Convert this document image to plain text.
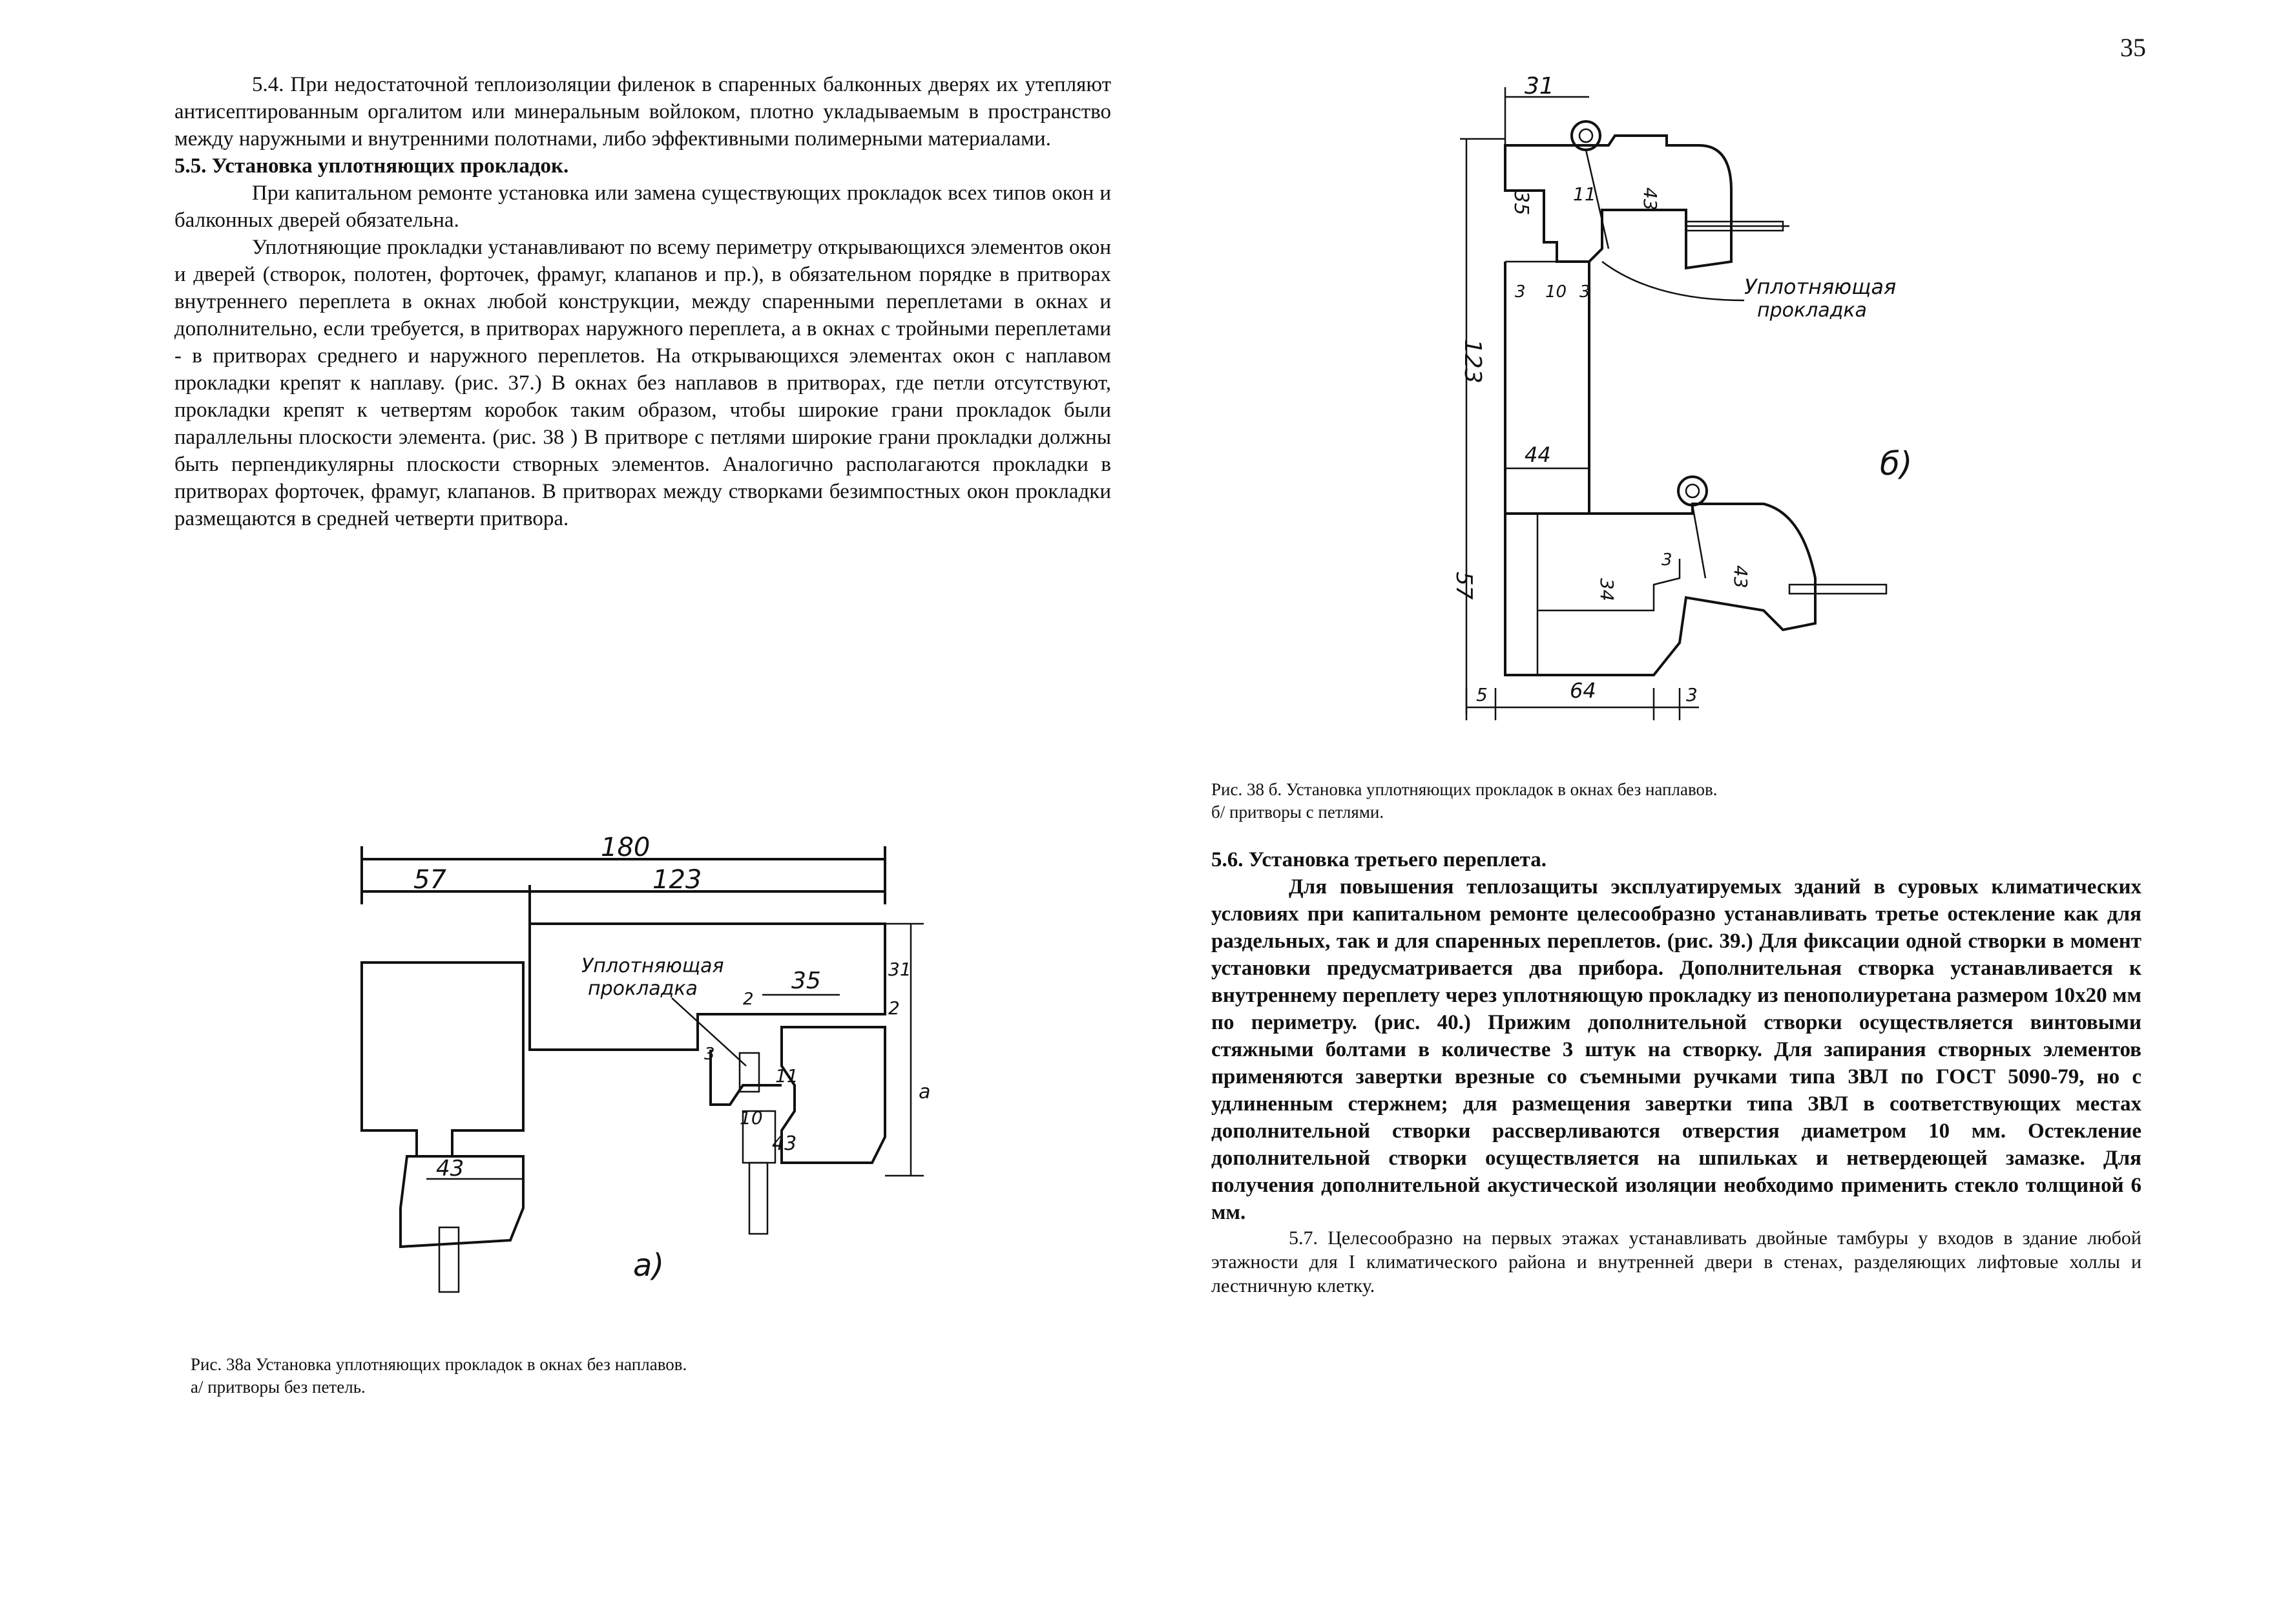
35

5.4. При недостаточной теплоизоляции филенок в спаренных балконных дверях их утепляют антисептированным оргалитом или минеральным войлоком, плотно укладываемым в пространство между наружными и внутренними полотнами, либо эффективными полимерными материалами.

5.5. Установка уплотняющих прокладок.

При капитальном ремонте установка или замена существующих прокладок всех типов окон и балконных дверей обязательна.

Уплотняющие прокладки устанавливают по всему периметру открывающихся элементов окон и дверей (створок, полотен, форточек, фрамуг, клапанов и пр.), в обязательном порядке в притворах внутреннего переплета в окнах любой конструкции, между спаренными переплетами в окнах и дополнительно, если требуется, в притворах наружного переплета, а в окнах с тройными переплетами - в притворах среднего и наружного переплетов. На открывающихся элементах окон с наплавом прокладки крепят к наплаву. (рис. 37.) В окнах без наплавов в притворах, где петли отсутствуют, прокладки крепят к четвертям коробок таким образом, чтобы широкие грани прокладок были параллельны плоскости элемента. (рис. 38 ) В притворе с петлями широкие грани прокладки должны быть перпендикулярны плоскости створных элементов. Аналогично располагаются прокладки в притворах форточек, фрамуг, клапанов. В притворах между створками безимпостных окон прокладки размещаются в средней четверти притвора.

180
57	123
43
31
2
a
35
11
10
43
3
Уплотняющая
прокладка	2
а)
Рис. 38а Установка уплотняющих прокладок в окнах без наплавов.
а/ притворы без петель.
31
123
35	43
11
44
3 10 3	Уплотняющая
прокладка
б)
34
43
3
57
5	64	3
Рис. 38 б. Установка уплотняющих прокладок в окнах без наплавов.
б/ притворы с петлями.

5.6. Установка третьего переплета.

Для повышения теплозащиты эксплуатируемых зданий в суровых климатических условиях при капитальном ремонте целесообразно устанавливать третье остекление как для раздельных, так и для спаренных переплетов. (рис. 39.) Для фиксации одной створки в момент установки предусматривается два прибора. Дополнительная створка устанавливается к внутреннему переплету через уплотняющую прокладку из пенополиуретана размером 10х20 мм по периметру. (рис. 40.) Прижим дополнительной створки осуществляется винтовыми стяжными болтами в количестве 3 штук на створку. Для запирания створных элементов применяются завертки врезные со съемными ручками типа ЗВЛ по ГОСТ 5090-79, но с удлиненным стержнем; для размещения завертки типа ЗВЛ в соответствующих местах дополнительной створки рассверливаются отверстия диаметром 10 мм. Остекление дополнительной створки осуществляется на шпильках и нетвердеющей замазке. Для получения дополнительной акустической изоляции необходимо применить стекло толщиной 6 мм.

5.7. Целесообразно на первых этажах устанавливать двойные тамбуры у входов в здание любой этажности для I климатического района и внутренней двери в стенах, разделяющих лифтовые холлы и лестничную клетку.
